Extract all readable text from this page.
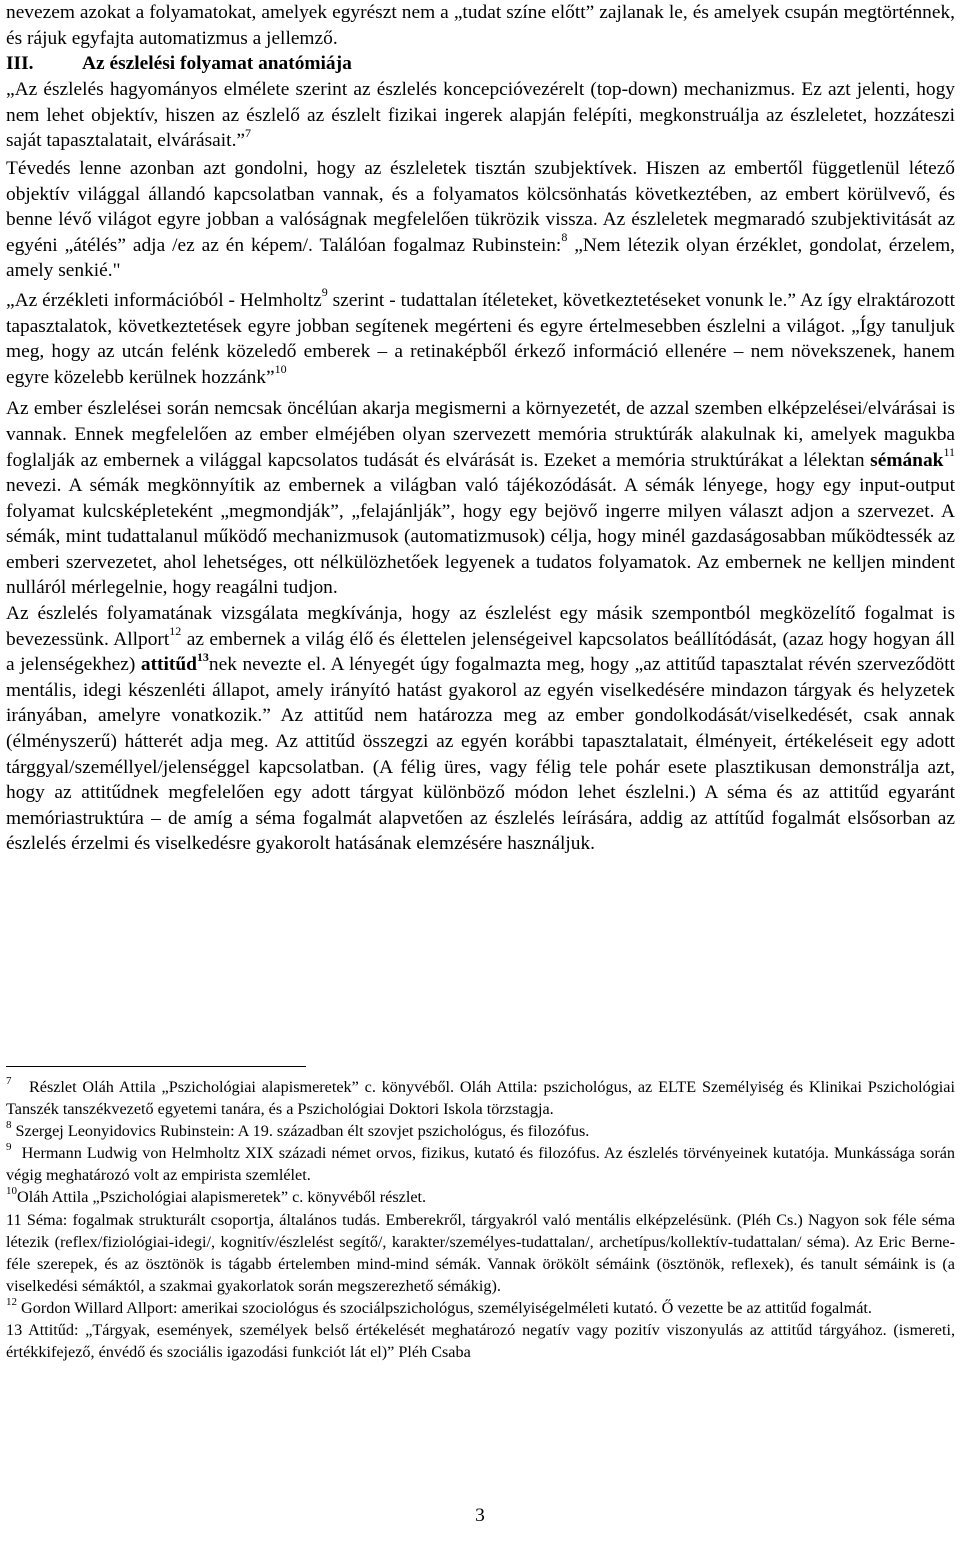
nevezem azokat a folyamatokat, amelyek egyrészt nem a „tudat színe előtt” zajlanak le, és amelyek csupán megtörténnek, és rájuk egyfajta automatizmus a jellemző.

III.	Az észlelési folyamat anatómiája

„Az észlelés hagyományos elmélete szerint az észlelés koncepcióvezérelt (top-down) mechanizmus. Ez azt jelenti, hogy nem lehet objektív, hiszen az észlelő az észlelt fizikai ingerek alapján felépíti, megkonstruálja az észleletet, hozzáteszi saját tapasztalatait, elvárásait.”$^7$

Tévedés lenne azonban azt gondolni, hogy az észleletek tisztán szubjektívek. Hiszen az embertől függetlenül létező objektív világgal állandó kapcsolatban vannak, és a folyamatos kölcsönhatás következtében, az embert körülvevő, és benne lévő világot egyre jobban a valóságnak megfelelően tükrözik vissza. Az észleletek megmaradó szubjektivitását az egyéni „átélés” adja /ez az én képem/. Találóan fogalmaz Rubinstein:$^8$ „Nem létezik olyan érzéklet, gondolat, érzelem, amely senkié."

„Az érzékleti információból - Helmholtz$^9$ szerint - tudattalan ítéleteket, következtetéseket vonunk le.” Az így elraktározott tapasztalatok, következtetések egyre jobban segítenek megérteni és egyre értelmesebben észlelni a világot. „Így tanuljuk meg, hogy az utcán felénk közeledő emberek – a retinaképből érkező információ ellenére – nem növekszenek, hanem egyre közelebb kerülnek hozzánk”$^{10}$

Az ember észlelései során nemcsak öncélúan akarja megismerni a környezetét, de azzal szemben elképzelései/elvárásai is vannak. Ennek megfelelően az ember elméjében olyan szervezett memória struktúrák alakulnak ki, amelyek magukba foglalják az embernek a világgal kapcsolatos tudását és elvárását is. Ezeket a memória struktúrákat a lélektan sémának$^{11}$ nevezi. A sémák megkönnyítik az embernek a világban való tájékozódását. A sémák lényege, hogy egy input-output folyamat kulcsképleteként „megmondják”, „felajánlják”, hogy egy bejövő ingerre milyen választ adjon a szervezet. A sémák, mint tudattalanul működő mechanizmusok (automatizmusok) célja, hogy minél gazdaságosabban működtessék az emberi szervezetet, ahol lehetséges, ott nélkülözhetőek legyenek a tudatos folyamatok. Az embernek ne kelljen mindent nulláról mérlegelnie, hogy reagálni tudjon.

Az észlelés folyamatának vizsgálata megkívánja, hogy az észlelést egy másik szempontból megközelítő fogalmat is bevezessünk. Allport$^{12}$ az embernek a világ élő és élettelen jelenségeivel kapcsolatos beállítódását, (azaz hogy hogyan áll a jelenségekhez) attitűd$^{13}$nek nevezte el. A lényegét úgy fogalmazta meg, hogy „az attitűd tapasztalat révén szerveződött mentális, idegi készenléti állapot, amely irányító hatást gyakorol az egyén viselkedésére mindazon tárgyak és helyzetek irányában, amelyre vonatkozik.” Az attitűd nem határozza meg az ember gondolkodását/viselkedését, csak annak (élményszerű) hátterét adja meg. Az attitűd összegzi az egyén korábbi tapasztalatait, élményeit, értékeléseit egy adott tárggyal/személlyel/jelenséggel kapcsolatban. (A félig üres, vagy félig tele pohár esete plasztikusan demonstrálja azt, hogy az attitűdnek megfelelően egy adott tárgyat különböző módon lehet észlelni.) A séma és az attitűd egyaránt memóriastruktúra – de amíg a séma fogalmát alapvetően az észlelés leírására, addig az attítűd fogalmát elsősorban az észlelés érzelmi és viselkedésre gyakorolt hatásának elemzésére használjuk.

$^7$ Részlet Oláh Attila „Pszichológiai alapismeretek” c. könyvéből. Oláh Attila: pszichológus, az ELTE Személyiség és Klinikai Pszichológiai Tanszék tanszékvezető egyetemi tanára, és a Pszichológiai Doktori Iskola törzstagja.

$^8$ Szergej Leonyidovics Rubinstein: A 19. században élt szovjet pszichológus, és filozófus.

$^9$ Hermann Ludwig von Helmholtz XIX századi német orvos, fizikus, kutató és filozófus. Az észlelés törvényeinek kutatója. Munkássága során végig meghatározó volt az empirista szemlélet.

$^{10}$Oláh Attila „Pszichológiai alapismeretek” c. könyvéből részlet.

11 Séma: fogalmak strukturált csoportja, általános tudás. Emberekről, tárgyakról való mentális elképzelésünk. (Pléh Cs.) Nagyon sok féle séma létezik (reflex/fiziológiai-idegi/, kognitív/észlelést segítő/, karakter/személyes-tudattalan/, archetípus/kollektív-tudattalan/ séma). Az Eric Berne-féle szerepek, és az ösztönök is tágabb értelemben mind-mind sémák. Vannak örökölt sémáink (ösztönök, reflexek), és tanult sémáink is (a viselkedési sémáktól, a szakmai gyakorlatok során megszerezhető sémákig).

$^{12}$ Gordon Willard Allport: amerikai szociológus és szociálpszichológus, személyiségelméleti kutató. Ő vezette be az attitűd fogalmát.

13 Attitűd: „Tárgyak, események, személyek belső értékelését meghatározó negatív vagy pozitív viszonyulás az attitűd tárgyához. (ismereti, értékkifejező, énvédő és szociális igazodási funkciót lát el)” Pléh Csaba

3
